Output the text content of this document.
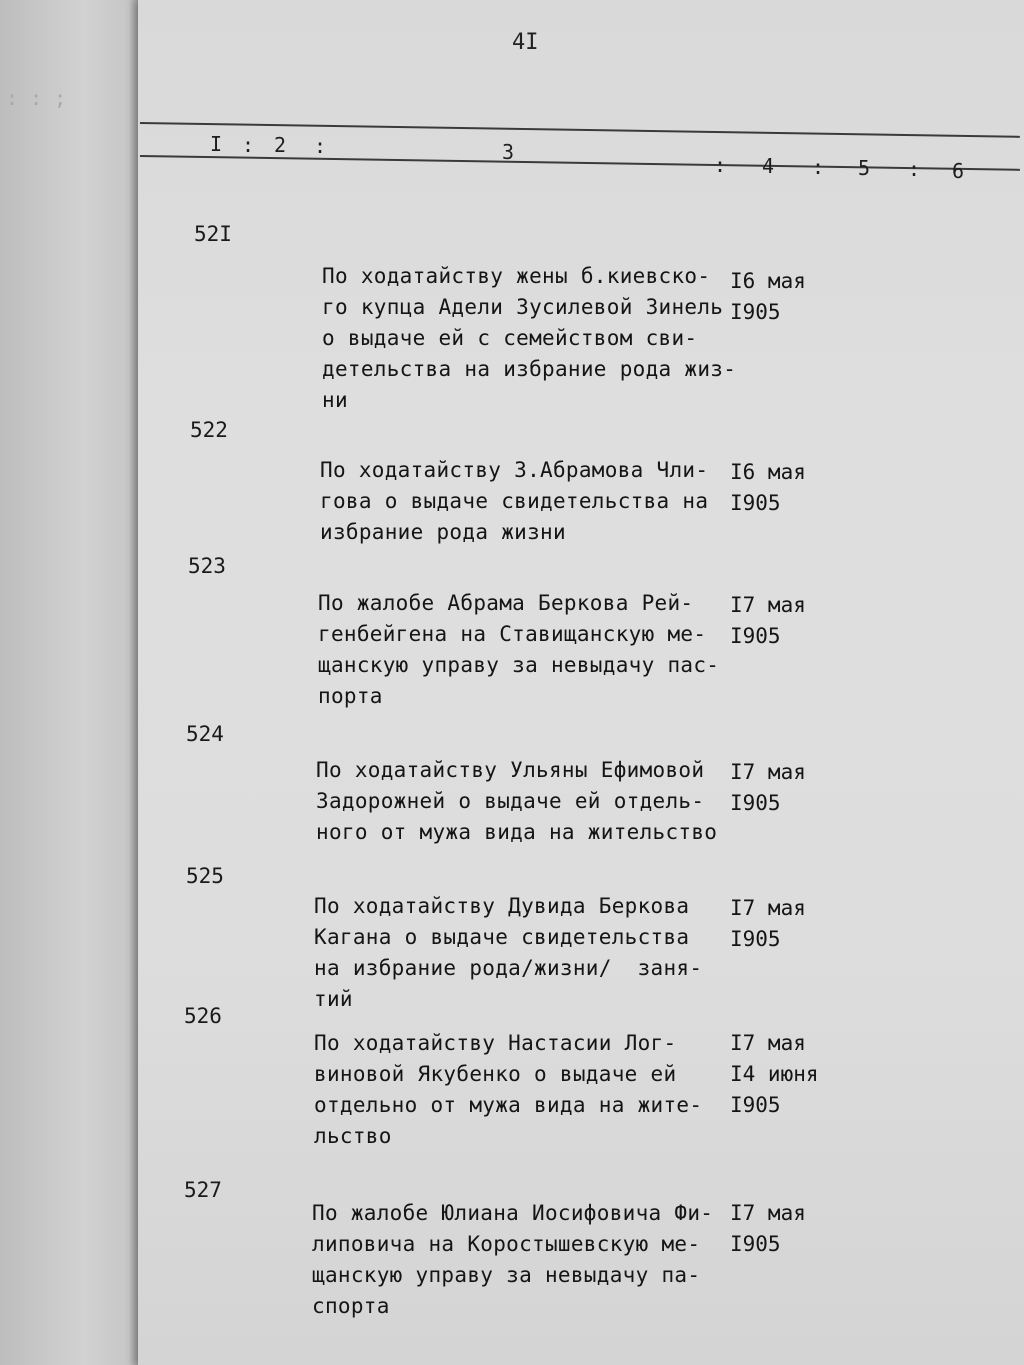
: : ;
4I
I : 2 :	3
: 4 : 5 : 6
52I

По ходатайству жены б.киевско-
го купца Адели Зусилевой Зинель
о выдаче ей с семейством сви-
детельства на избрание рода жиз-
ни

I6 мая
I905
522

По ходатайству З.Абрамова Чли-
гова о выдаче свидетельства на
избрание рода жизни

I6 мая
I905
523

По жалобе Абрама Беркова Рей-
генбейгена на Ставищанскую ме-
щанскую управу за невыдачу пас-
порта

I7 мая
I905
524

По ходатайству Ульяны Ефимовой
Задорожней о выдаче ей отдель-
ного от мужа вида на жительство

I7 мая
I905
525

По ходатайству Дувида Беркова
Кагана о выдаче свидетельства
на избрание рода/жизни/  заня-
тий

I7 мая
I905
526

По ходатайству Настасии Лог-
виновой Якубенко о выдаче ей
отдельно от мужа вида на жите-
льство

I7 мая
I4 июня
I905
527

По жалобе Юлиана Иосифовича Фи-
липовича на Коростышевскую ме-
щанскую управу за невыдачу па-
спорта

I7 мая
I905
